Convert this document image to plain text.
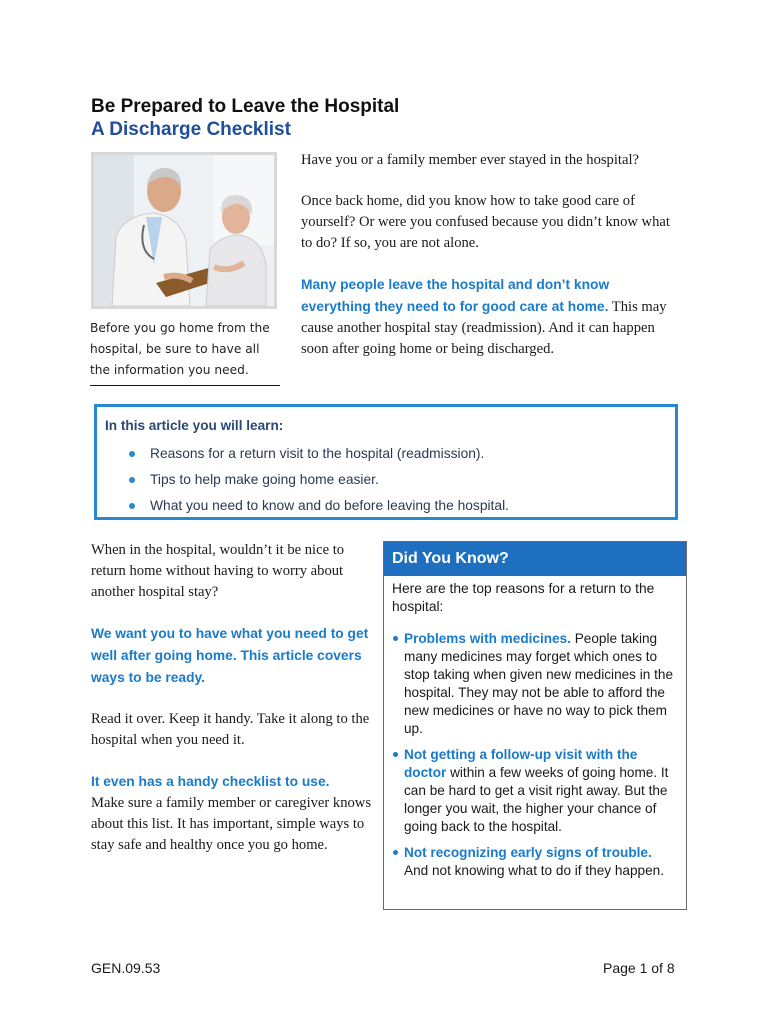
Be Prepared to Leave the Hospital
A Discharge Checklist
Before you go home from the hospital, be sure to have all the information you need.

Have you or a family member ever stayed in the hospital?

Once back home, did you know how to take good care of yourself? Or were you confused because you didn’t know what to do? If so, you are not alone.

Many people leave the hospital and don’t know everything they need to for good care at home. This may cause another hospital stay (readmission). And it can happen soon after going home or being discharged.

In this article you will learn:
Reasons for a return visit to the hospital (readmission).
Tips to help make going home easier.
What you need to know and do before leaving the hospital.

When in the hospital, wouldn’t it be nice to return home without having to worry about another hospital stay?

We want you to have what you need to get well after going home. This article covers ways to be ready.

Read it over. Keep it handy. Take it along to the hospital when you need it.

It even has a handy checklist to use.
Make sure a family member or caregiver knows about this list. It has important, simple ways to stay safe and healthy once you go home.

Did You Know?
Here are the top reasons for a return to the hospital:
Problems with medicines. People taking many medicines may forget which ones to stop taking when given new medicines in the hospital. They may not be able to afford the new medicines or have no way to pick them up.
Not getting a follow-up visit with the doctor within a few weeks of going home. It can be hard to get a visit right away. But the longer you wait, the higher your chance of going back to the hospital.
Not recognizing early signs of trouble. And not knowing what to do if they happen.
GEN.09.53	Page 1 of 8
